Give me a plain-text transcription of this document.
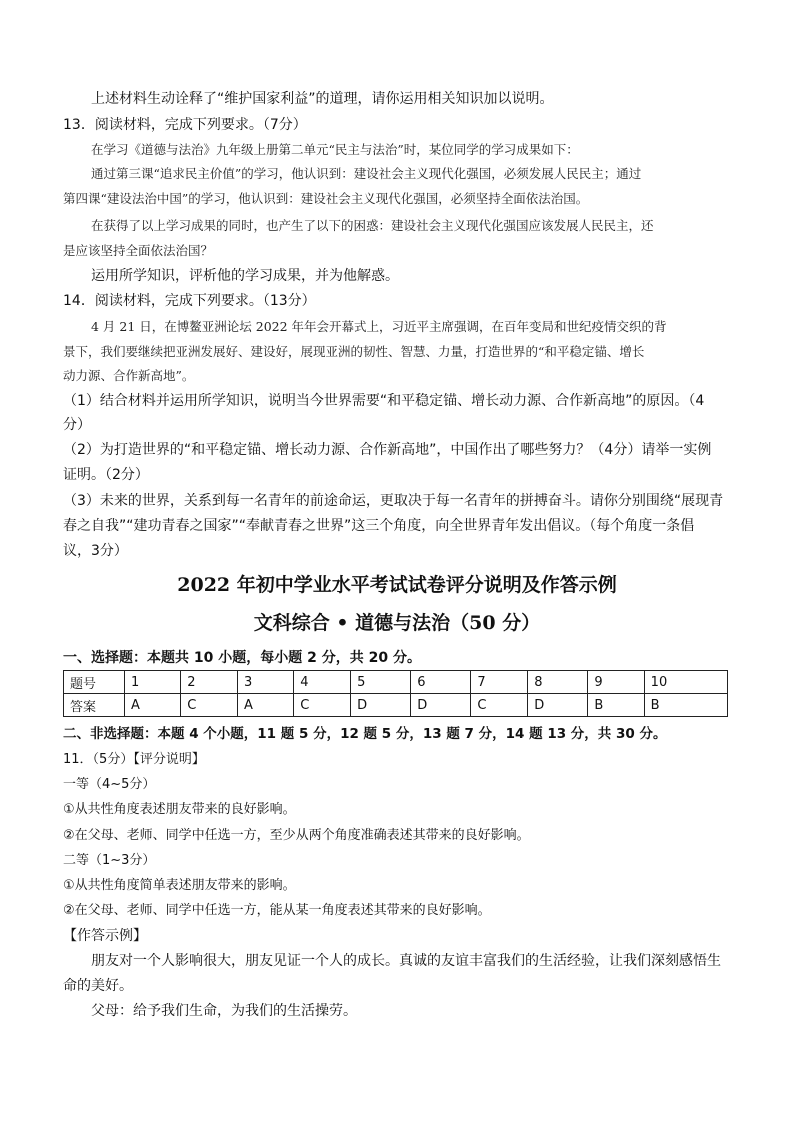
上述材料生动诠释了“维护国家利益”的道理，请你运用相关知识加以说明。
13．阅读材料，完成下列要求。（7分）
在学习《道德与法治》九年级上册第二单元“民主与法治”时，某位同学的学习成果如下：
通过第三课“追求民主价值”的学习，他认识到：建设社会主义现代化强国，必须发展人民民主；通过
第四课“建设法治中国”的学习，他认识到：建设社会主义现代化强国，必须坚持全面依法治国。
在获得了以上学习成果的同时，也产生了以下的困惑：建设社会主义现代化强国应该发展人民民主，还
是应该坚持全面依法治国？
运用所学知识，评析他的学习成果，并为他解惑。
14．阅读材料，完成下列要求。（13分）
4 月 21 日，在博鳌亚洲论坛 2022 年年会开幕式上，习近平主席强调，在百年变局和世纪疫情交织的背
景下，我们要继续把亚洲发展好、建设好，展现亚洲的韧性、智慧、力量，打造世界的“和平稳定锚、增长
动力源、合作新高地”。
（1）结合材料并运用所学知识，说明当今世界需要“和平稳定锚、增长动力源、合作新高地”的原因。（4
分）
（2）为打造世界的“和平稳定锚、增长动力源、合作新高地”，中国作出了哪些努力？（4分）请举一实例
证明。（2分）
（3）未来的世界，关系到每一名青年的前途命运，更取决于每一名青年的拼搏奋斗。请你分别围绕“展现青
春之自我”“建功青春之国家”“奉献青春之世界”这三个角度，向全世界青年发出倡议。（每个角度一条倡
议，3分）
2022 年初中学业水平考试试卷评分说明及作答示例
文科综合 • 道德与法治（50 分）
一、选择题：本题共 10 小题，每小题 2 分，共 20 分。
题号	1	2	3	4	5	6	7	8	9	10
答案	A	C	A	C	D	D	C	D	B	B
二、非选择题：本题 4 个小题，11 题 5 分，12 题 5 分，13 题 7 分，14 题 13 分，共 30 分。
11．（5分）【评分说明】
一等（4~5分）
①从共性角度表述朋友带来的良好影响。
②在父母、老师、同学中任选一方，至少从两个角度准确表述其带来的良好影响。
二等（1~3分）
①从共性角度简单表述朋友带来的影响。
②在父母、老师、同学中任选一方，能从某一角度表述其带来的良好影响。
【作答示例】
朋友对一个人影响很大，朋友见证一个人的成长。真诚的友谊丰富我们的生活经验，让我们深刻感悟生
命的美好。
父母：给予我们生命，为我们的生活操劳。
